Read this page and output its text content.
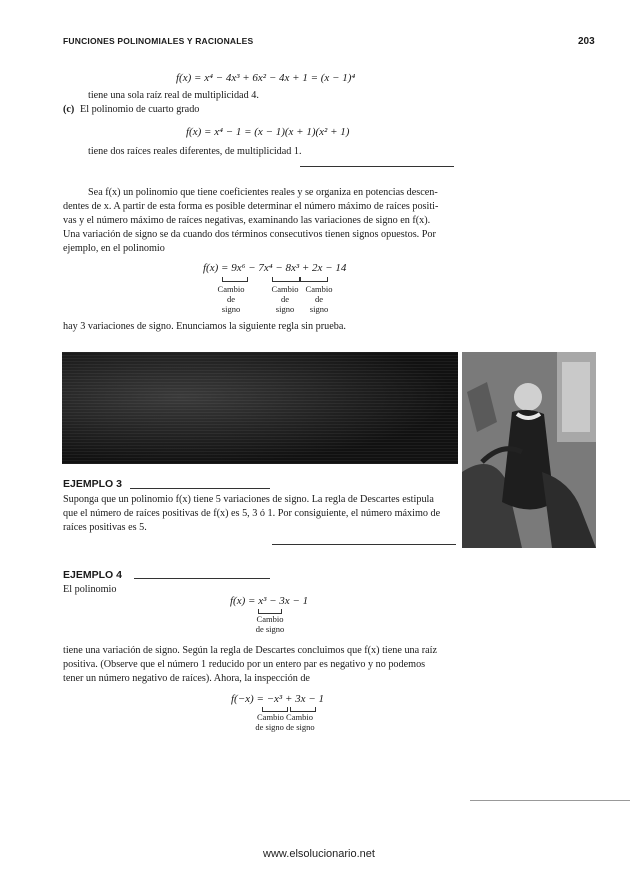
FUNCIONES POLINOMIALES Y RACIONALES	203
f(x) = x⁴ − 4x³ + 6x² − 4x + 1 = (x − 1)⁴
tiene una sola raíz real de multiplicidad 4.
(c) El polinomio de cuarto grado
f(x) = x⁴ − 1 = (x − 1)(x + 1)(x² + 1)
tiene dos raíces reales diferentes, de multiplicidad 1.
Sea f(x) un polinomio que tiene coeficientes reales y se organiza en potencias descen-
dentes de x. A partir de esta forma es posible determinar el número máximo de raíces positi-
vas y el número máximo de raíces negativas, examinando las variaciones de signo en f(x).
Una variación de signo se da cuando dos términos consecutivos tienen signos opuestos. Por
ejemplo, en el polinomio
f(x) = 9x⁶ − 7x⁴ − 8x³ + 2x − 14
Cambio
de
signo
Cambio
de
signo
Cambio
de
signo
hay 3 variaciones de signo. Enunciamos la siguiente regla sin prueba.
EJEMPLO 3
Suponga que un polinomio f(x) tiene 5 variaciones de signo. La regla de Descartes estipula
que el número de raíces positivas de f(x) es 5, 3 ó 1. Por consiguiente, el número máximo de
raíces positivas es 5.
EJEMPLO 4
El polinomio
f(x) = x³ − 3x − 1
Cambio
de signo
tiene una variación de signo. Según la regla de Descartes concluimos que f(x) tiene una raíz
positiva. (Observe que el número 1 reducido por un entero par es negativo y no podemos
tener un número negativo de raíces). Ahora, la inspección de
f(−x) = −x³ + 3x − 1
Cambio Cambio
de signo de signo
www.elsolucionario.net
